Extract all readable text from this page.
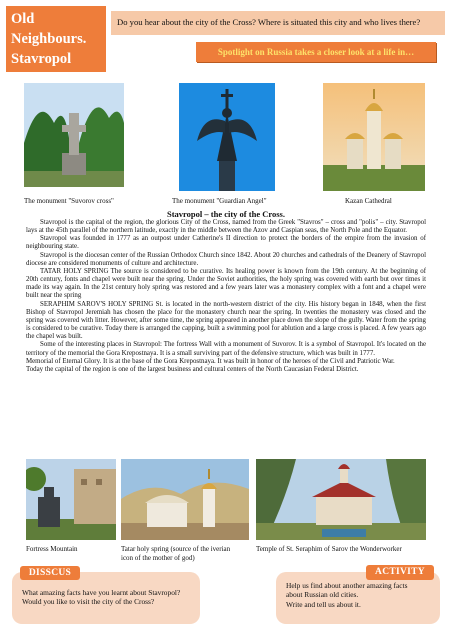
Old
Neighbours.
Stavropol
Do you hear about the city of the Cross? Where is situated this city and who lives there?
Spotlight on Russia takes a closer look at a life in…
The monument "Suvorov cross"	The monument "Guardian Angel"	Kazan Cathedral
Stavropol – the city of the Cross.

Stavropol is the capital of the region, the glorious City of the Cross, named from the Greek "Stavros" – cross and "polis" – city. Stavropol lays at the 45th parallel of the northern latitude, exactly in the middle between the Azov and Caspian seas, the North Pole and the Equator.

Stavropol was founded in 1777 as an outpost under Catherine's II direction to protect the borders of the empire from the invasion of neighbouring state.

Stavropol is the diocesan center of the Russian Orthodox Church since 1842. About 20 churches and cathedrals of the Deanery of Stavropol diocese are considered monuments of culture and architecture.

TATAR HOLY SPRING The source is considered to be curative. Its healing power is known from the 19th century. At the beginning of 20th century, fonts and chapel were built near the spring. Under the Soviet authorities, the holy spring was covered with earth but over times it made its way again. In the 21st century holy spring was restored and a few years later was a monastery complex with a font and a chapel were built near the spring

SERAPHIM SAROV'S HOLY SPRING St. is located in the north-western district of the city. His history began in 1848, when the first Bishop of Stavropol Jeremiah has chosen the place for the monastery church near the spring. In twenties the monastery was closed and the spring was covered with litter. However, after some time, the spring appeared in another place down the slope of the gully. Water from the spring is considered to be curative. Today there is arranged the capping, built a swimming pool for ablution and a large cross is placed. A few years ago the chapel was built.

Some of the interesting places in Stavropol: The fortress Wall with a monument of Suvorov. It is a symbol of Stavropol. It's located on the territory of the memorial the Gora Krepostnaya. It is a small surviving part of the defensive structure, which was built in 1777.

Memorial of Eternal Glory. It is at the base of the Gora Krepostnaya. It was built in honor of the heroes of the Civil and Patriotic War.

Today the capital of the region is one of the largest business and cultural centers of the North Caucasian Federal District.

Fortress Mountain	Tatar holy spring (source of the iverian
icon of the mother of god)
Temple of St. Seraphim of Sarov the Wonderworker
What amazing facts have you learnt about Stavropol?
Would you like to visit the city of the Cross?
DISSCUS
Help us find about another amazing facts
about Russian old cities.
Write and tell us about it.
ACTIVITY
